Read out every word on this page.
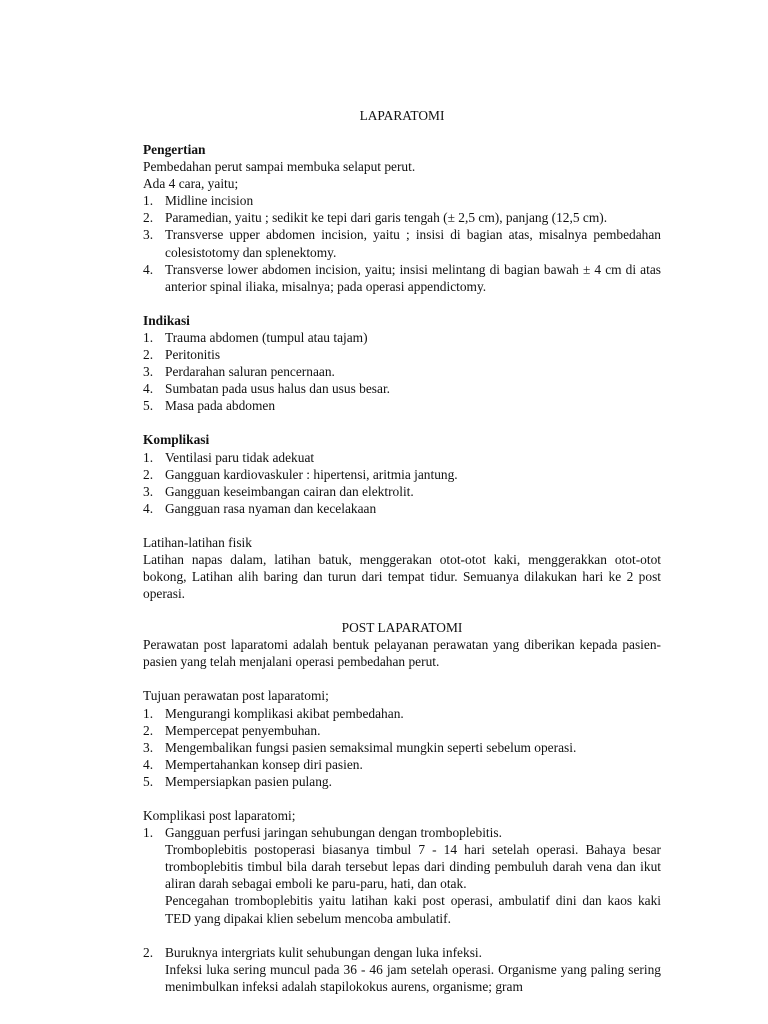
LAPARATOMI

Pengertian

Pembedahan perut sampai membuka selaput perut.

Ada 4 cara, yaitu;

1. Midline incision
2. Paramedian, yaitu ; sedikit ke tepi dari garis tengah (± 2,5 cm), panjang (12,5 cm).
3. Transverse upper abdomen incision, yaitu ; insisi di bagian atas, misalnya pembedahan colesistotomy dan splenektomy.
4. Transverse lower abdomen incision, yaitu; insisi melintang di bagian bawah ± 4 cm di atas anterior spinal iliaka, misalnya; pada operasi appendictomy.

Indikasi

1. Trauma abdomen (tumpul atau tajam)
2. Peritonitis
3. Perdarahan saluran pencernaan.
4. Sumbatan pada usus halus dan usus besar.
5. Masa pada abdomen

Komplikasi

1. Ventilasi paru tidak adekuat
2. Gangguan kardiovaskuler : hipertensi, aritmia jantung.
3. Gangguan keseimbangan cairan dan elektrolit.
4. Gangguan rasa nyaman dan kecelakaan

Latihan-latihan fisik

Latihan napas dalam, latihan batuk, menggerakan otot-otot kaki, menggerakkan otot-otot bokong, Latihan alih baring dan turun dari tempat tidur. Semuanya dilakukan hari ke 2 post operasi.

POST LAPARATOMI

Perawatan post laparatomi adalah bentuk pelayanan perawatan yang diberikan kepada pasien-pasien yang telah menjalani operasi pembedahan perut.

Tujuan perawatan post laparatomi;

1. Mengurangi komplikasi akibat pembedahan.
2. Mempercepat penyembuhan.
3. Mengembalikan fungsi pasien semaksimal mungkin seperti sebelum operasi.
4. Mempertahankan konsep diri pasien.
5. Mempersiapkan pasien pulang.

Komplikasi post laparatomi;

1. Gangguan perfusi jaringan sehubungan dengan tromboplebitis.

Tromboplebitis postoperasi biasanya timbul 7 - 14 hari setelah operasi. Bahaya besar tromboplebitis timbul bila darah tersebut lepas dari dinding pembuluh darah vena dan ikut aliran darah sebagai emboli ke paru-paru, hati, dan otak.

Pencegahan tromboplebitis yaitu latihan kaki post operasi, ambulatif dini dan kaos kaki TED yang dipakai klien sebelum mencoba ambulatif.

2. Buruknya intergriats kulit sehubungan dengan luka infeksi.

Infeksi luka sering muncul pada 36 - 46 jam setelah operasi. Organisme yang paling sering menimbulkan infeksi adalah stapilokokus aurens, organisme; gram
